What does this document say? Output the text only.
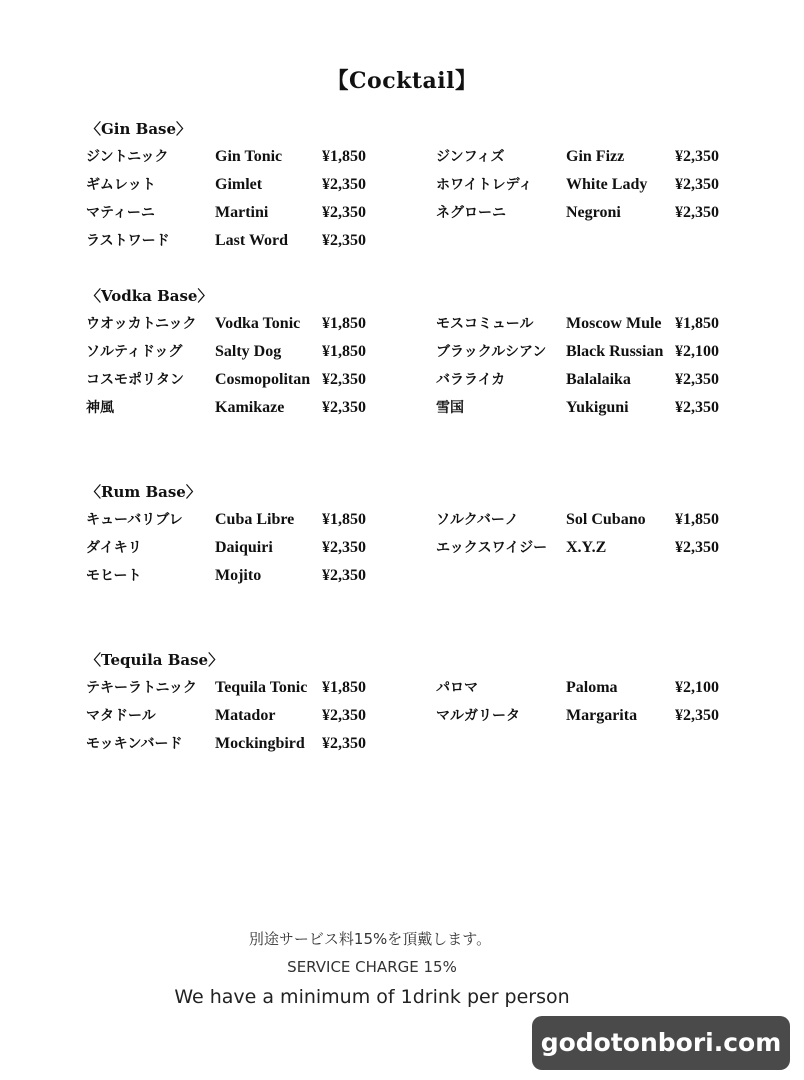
【Cocktail】
〈Gin Base〉
ジントニック	Gin Tonic ¥1,850	ジンフィズ	Gin Fizz	¥2,350
ギムレット	Gimlet	¥2,350	ホワイトレディ White Lady ¥2,350
マティーニ	Martini	¥2,350	ネグローニ	Negroni	¥2,350
ラストワード	Last Word ¥2,350
〈Vodka Base〉
ウオッカトニック Vodka Tonic ¥1,850	モスコミュール Moscow Mule ¥1,850
ソルティドッグ Salty Dog	¥1,850	ブラックルシアン Black Russian ¥2,100
コスモポリタン Cosmopolitan ¥2,350	バラライカ	Balalaika	¥2,350
神風	Kamikaze ¥2,350	雪国	Yukiguni	¥2,350
〈Rum Base〉
キューバリブレ Cuba Libre ¥1,850	ソルクバーノ	Sol Cubano ¥1,850
ダイキリ	Daiquiri	¥2,350	エックスワイジー X.Y.Z	¥2,350
モヒート	Mojito	¥2,350
〈Tequila Base〉
テキーラトニック Tequila Tonic ¥1,850	パロマ	Paloma	¥2,100
マタドール	Matador	¥2,350	マルガリータ	Margarita ¥2,350
モッキンバード Mockingbird ¥2,350
別途サービス料15%を頂戴します。
SERVICE CHARGE 15%
We have a minimum of 1drink per person
godotonbori.com
